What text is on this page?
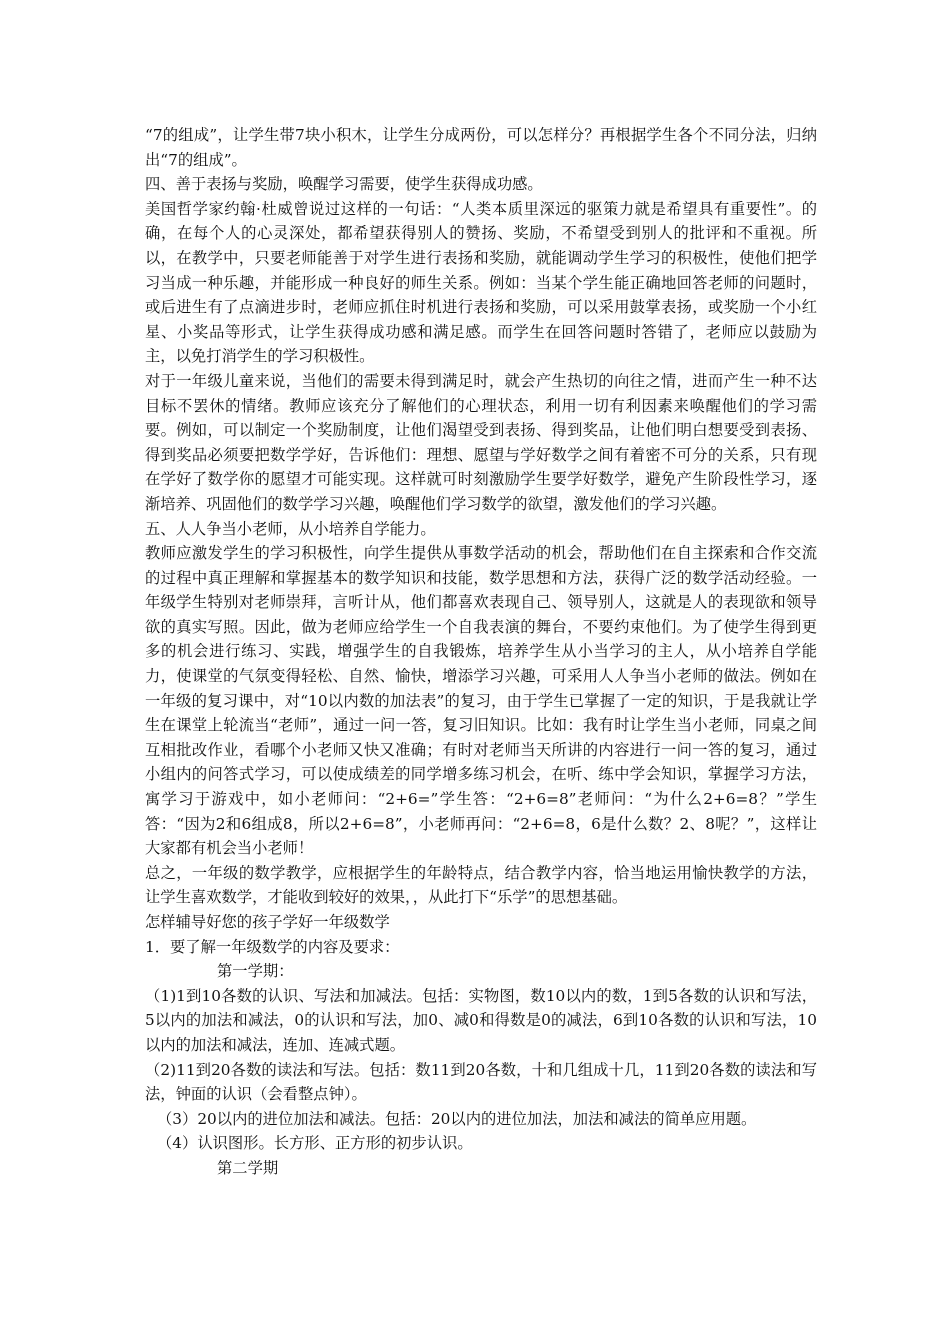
“7的组成”，让学生带7块小积木，让学生分成两份，可以怎样分？再根据学生各个不同分法，归纳出“7的组成”。

四、善于表扬与奖励，唤醒学习需要，使学生获得成功感。

美国哲学家约翰·杜威曾说过这样的一句话：“人类本质里深远的驱策力就是希望具有重要性”。的确，在每个人的心灵深处，都希望获得别人的赞扬、奖励，不希望受到别人的批评和不重视。所以，在教学中，只要老师能善于对学生进行表扬和奖励，就能调动学生学习的积极性，使他们把学习当成一种乐趣，并能形成一种良好的师生关系。例如：当某个学生能正确地回答老师的问题时，或后进生有了点滴进步时，老师应抓住时机进行表扬和奖励，可以采用鼓掌表扬，或奖励一个小红星、小奖品等形式，让学生获得成功感和满足感。而学生在回答问题时答错了，老师应以鼓励为主，以免打消学生的学习积极性。

对于一年级儿童来说，当他们的需要未得到满足时，就会产生热切的向往之情，进而产生一种不达目标不罢休的情绪。教师应该充分了解他们的心理状态，利用一切有利因素来唤醒他们的学习需要。例如，可以制定一个奖励制度，让他们渴望受到表扬、得到奖品，让他们明白想要受到表扬、得到奖品必须要把数学学好，告诉他们：理想、愿望与学好数学之间有着密不可分的关系，只有现在学好了数学你的愿望才可能实现。这样就可时刻激励学生要学好数学，避免产生阶段性学习，逐渐培养、巩固他们的数学学习兴趣，唤醒他们学习数学的欲望，激发他们的学习兴趣。

五、人人争当小老师，从小培养自学能力。

教师应激发学生的学习积极性，向学生提供从事数学活动的机会，帮助他们在自主探索和合作交流的过程中真正理解和掌握基本的数学知识和技能，数学思想和方法，获得广泛的数学活动经验。一年级学生特别对老师崇拜，言听计从，他们都喜欢表现自己、领导别人，这就是人的表现欲和领导欲的真实写照。因此，做为老师应给学生一个自我表演的舞台，不要约束他们。为了使学生得到更多的机会进行练习、实践，增强学生的自我锻炼，培养学生从小当学习的主人，从小培养自学能力，使课堂的气氛变得轻松、自然、愉快，增添学习兴趣，可采用人人争当小老师的做法。例如在一年级的复习课中，对“10以内数的加法表”的复习，由于学生已掌握了一定的知识，于是我就让学生在课堂上轮流当“老师”，通过一问一答，复习旧知识。比如：我有时让学生当小老师，同桌之间互相批改作业，看哪个小老师又快又准确；有时对老师当天所讲的内容进行一问一答的复习，通过小组内的问答式学习，可以使成绩差的同学增多练习机会，在听、练中学会知识，掌握学习方法，寓学习于游戏中，如小老师问：“2+6=”学生答：“2+6=8”老师问：“为什么2+6=8？”学生答：“因为2和6组成8，所以2+6=8”，小老师再问：“2+6=8，6是什么数？2、8呢？”，这样让大家都有机会当小老师！

总之，一年级的数学教学，应根据学生的年龄特点，结合教学内容，恰当地运用愉快教学的方法，让学生喜欢数学，才能收到较好的效果，，从此打下“乐学”的思想基础。

怎样辅导好您的孩子学好一年级数学

1．要了解一年级数学的内容及要求：

第一学期：

（1)1到10各数的认识、写法和加减法。包括：实物图，数10以内的数，1到5各数的认识和写法，5以内的加法和减法，0的认识和写法，加0、减0和得数是0的减法，6到10各数的认识和写法，10以内的加法和减法，连加、连减式题。

（2)11到20各数的读法和写法。包括：数11到20各数，十和几组成十几，11到20各数的读法和写法，钟面的认识（会看整点钟）。

（3）20以内的进位加法和减法。包括：20以内的进位加法，加法和减法的简单应用题。

（4）认识图形。长方形、正方形的初步认识。

第二学期
